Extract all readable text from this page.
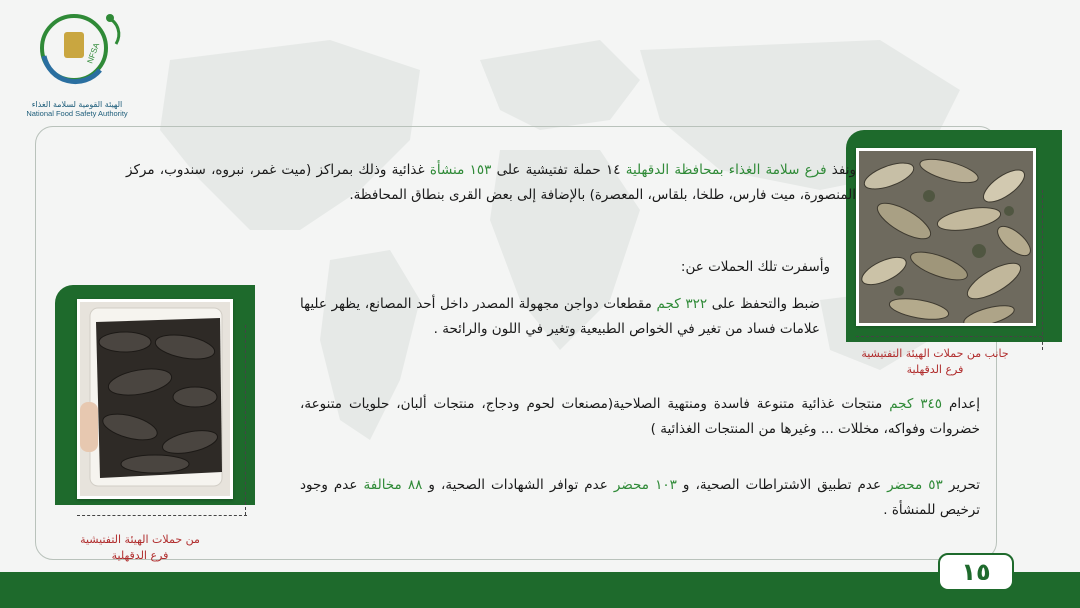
NFSA
الهيئة القومية لسلامة الغذاء
National Food Safety Authority
جانب من حملات الهيئة التفتيشية
فرع الدقهلية
من حملات الهيئة التفتيشية
فرع الدقهلية
ونفذ فرع سلامة الغذاء بمحافظة الدقهلية ١٤ حملة تفتيشية على ١٥٣ منشأة غذائية وذلك بمراكز (ميت غمر، نبروه، سندوب، مركز المنصورة، ميت فارس، طلخا، بلقاس، المعصرة) بالإضافة إلى بعض القرى بنطاق المحافظة.
وأسفرت تلك الحملات عن:
ضبط والتحفظ على ٣٢٢ كجم مقطعات دواجن مجهولة المصدر داخل أحد المصانع، يظهر عليها علامات فساد من تغير في الخواص الطبيعية وتغير في اللون والرائحة .
إعدام ٣٤٥ كجم منتجات غذائية متنوعة فاسدة ومنتهية الصلاحية(مصنعات لحوم ودجاج، منتجات ألبان، حلويات متنوعة، خضروات وفواكه، مخللات ... وغيرها من المنتجات الغذائية )
تحرير ٥٣ محضر عدم تطبيق الاشتراطات الصحية، و ١٠٣ محضر عدم توافر الشهادات الصحية، و ٨٨ مخالفة عدم وجود ترخيص للمنشأة .
١٥
